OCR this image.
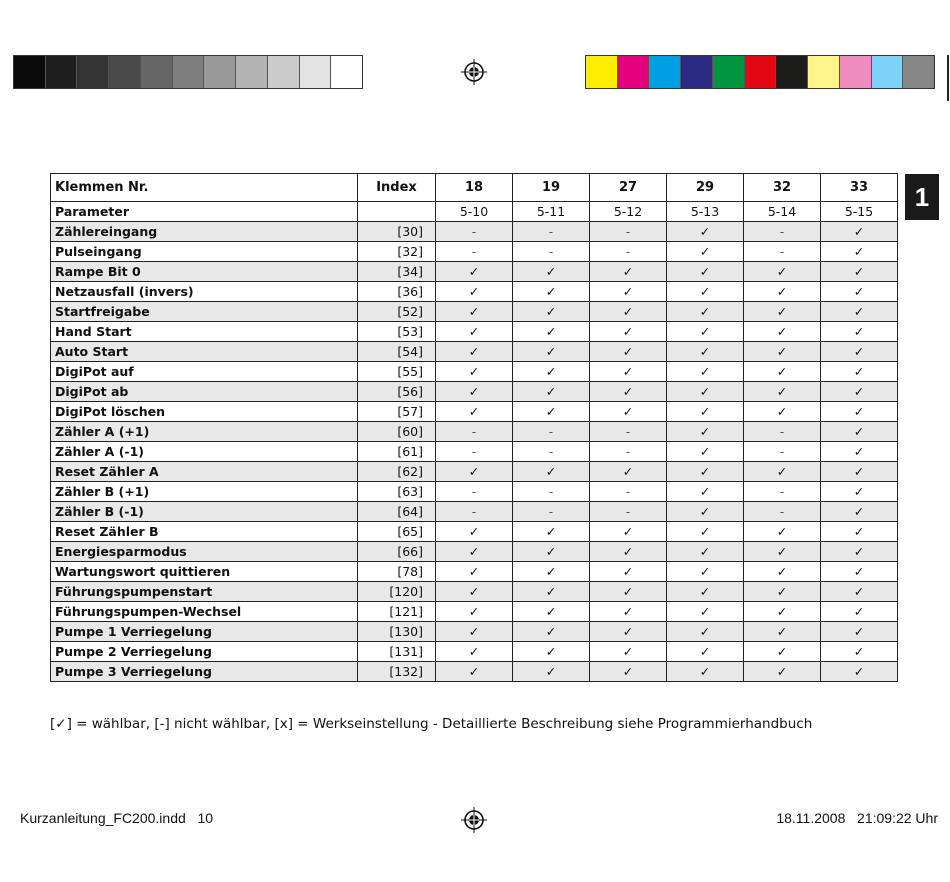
1
Klemmen Nr.	Index	18	19	27	29	32	33
Parameter		5-10	5-11	5-12	5-13	5-14	5-15
Zählereingang	[30]	-	-	-	✓	-	✓
Pulseingang	[32]	-	-	-	✓	-	✓
Rampe Bit 0	[34]	✓	✓	✓	✓	✓	✓
Netzausfall (invers)	[36]	✓	✓	✓	✓	✓	✓
Startfreigabe	[52]	✓	✓	✓	✓	✓	✓
Hand Start	[53]	✓	✓	✓	✓	✓	✓
Auto Start	[54]	✓	✓	✓	✓	✓	✓
DigiPot auf	[55]	✓	✓	✓	✓	✓	✓
DigiPot ab	[56]	✓	✓	✓	✓	✓	✓
DigiPot löschen	[57]	✓	✓	✓	✓	✓	✓
Zähler A (+1)	[60]	-	-	-	✓	-	✓
Zähler A (-1)	[61]	-	-	-	✓	-	✓
Reset Zähler A	[62]	✓	✓	✓	✓	✓	✓
Zähler B (+1)	[63]	-	-	-	✓	-	✓
Zähler B (-1)	[64]	-	-	-	✓	-	✓
Reset Zähler B	[65]	✓	✓	✓	✓	✓	✓
Energiesparmodus	[66]	✓	✓	✓	✓	✓	✓
Wartungswort quittieren	[78]	✓	✓	✓	✓	✓	✓
Führungspumpenstart	[120]	✓	✓	✓	✓	✓	✓
Führungspumpen-Wechsel	[121]	✓	✓	✓	✓	✓	✓
Pumpe 1 Verriegelung	[130]	✓	✓	✓	✓	✓	✓
Pumpe 2 Verriegelung	[131]	✓	✓	✓	✓	✓	✓
Pumpe 3 Verriegelung	[132]	✓	✓	✓	✓	✓	✓
[✓] = wählbar, [-] nicht wählbar, [x] = Werkseinstellung - Detaillierte Beschreibung siehe Programmierhandbuch
Kurzanleitung_FC200.indd   10	18.11.2008   21:09:22 Uhr
